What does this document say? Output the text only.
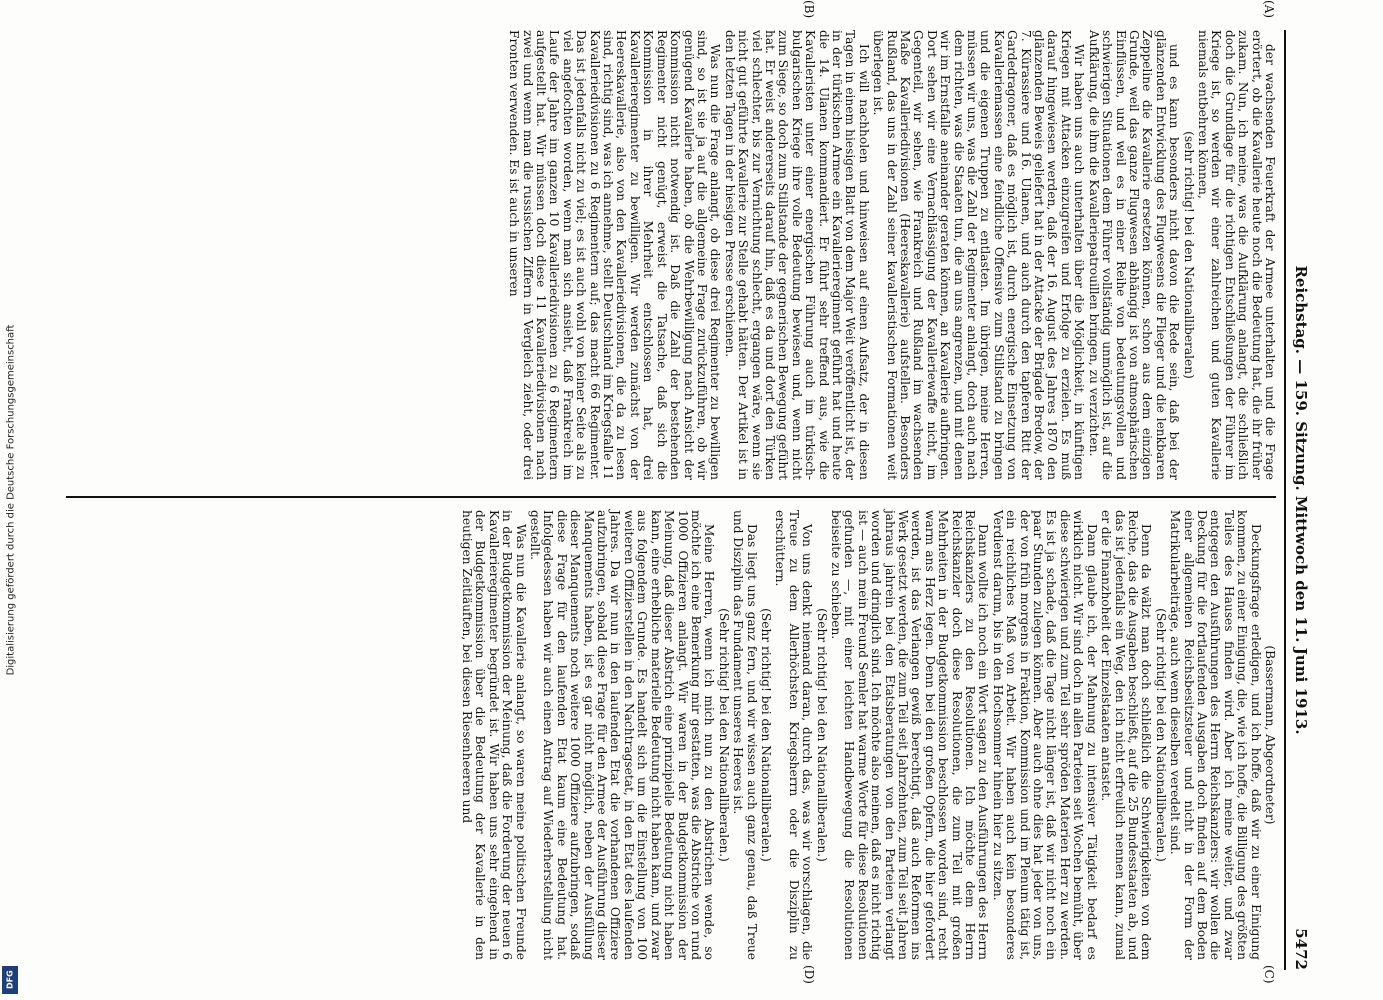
5472
Reichstag. — 159. Sitzung. Mittwoch den 11. Juni 1913.
(A)
(B)
(C)
(D)

(Bassermann, Abgeordneter)

Deckungsfrage erledigen, und ich hoffe, daß wir zu einer Einigung kommen, zu einer Einigung, die, wie ich hoffe, die Billigung des größten Teiles des Hauses finden wird. Aber ich meine weiter, und zwar entgegen den Ausführungen des Herrn Reichskanzlers: wir wollen die Deckung für die fortlaufenden Ausgaben doch finden auf dem Boden einer allgemeinen Reichsbesitzsteuer und nicht in der Form der Matrikularbeiträge, auch wenn dieselben veredelt sind.

(Sehr richtig! bei den Nationalliberalen.)

Denn da wälzt man doch schließlich die Schwierigkeiten von dem Reiche, das die Ausgaben beschließt, auf die 25 Bundesstaaten ab, und das ist jedenfalls ein Weg, den ich nicht erfreulich nennen kann, zumal er die Finanzhoheit der Einzelstaaten antastet.

Dann glaube ich, der Mahnung zu intensiver Tätigkeit bedarf es wirklich nicht. Wir sind doch in allen Parteien seit Wochen bemüht, über diese schwierigen und zum Teil sehr spröden Materien Herr zu werden. Es ist ja schade, daß die Tage nicht länger ist, daß wir nicht noch ein paar Stunden zulegen können. Aber auch ohne dies hat jeder von uns, der von früh morgens in Fraktion, Kommission und im Plenum tätig ist, ein reichliches Maß von Arbeit. Wir haben auch kein besonderes Verdienst darum, bis in den Hochsommer hinein hier zu sitzen.

Dann wollte ich noch ein Wort sagen zu den Ausführungen des Herrn Reichskanzlers zu den Resolutionen. Ich möchte dem Herrn Reichskanzler doch diese Resolutionen, die zum Teil mit großen Mehrheiten in der Budgetkommission beschlossen worden sind, recht warm ans Herz legen. Denn bei den großen Opfern, die hier gefordert werden, ist das Verlangen gewiß berechtigt, daß auch Reformen ins Werk gesetzt werden, die zum Teil seit Jahrzehnten, zum Teil seit Jahren jahraus jahrein bei den Etatsberatungen von den Parteien verlangt worden und dringlich sind. Ich möchte also meinen, daß es nicht richtig ist — auch mein Freund Semler hat warme Worte für diese Resolutionen gefunden —, mit einer leichten Handbewegung die Resolutionen beiseite zu schieben.

(Sehr richtig! bei den Nationalliberalen.)

Von uns denkt niemand daran, durch das, was wir vorschlagen, die Treue zu dem Allerhöchsten Kriegsherrn oder die Disziplin zu erschüttern.

(Sehr richtig! bei den Nationalliberalen.)

Das liegt uns ganz fern, und wir wissen auch ganz genau, daß Treue und Disziplin das Fundament unseres Heeres ist.

(Sehr richtig! bei den Nationalliberalen.)

Meine Herren, wenn ich mich nun zu den Abstrichen wende, so möchte ich eine Bemerkung mir gestatten, was die Abstriche von rund 1000 Offizieren anlangt. Wir waren in der Budgetkommission der Meinung, daß dieser Abstrich eine prinzipielle Bedeutung nicht haben kann, eine erhebliche materielle Bedeutung nicht haben kann, und zwar aus folgendem Grunde. Es handelt sich um die Einstellung von 100 weiteren Offizierstellen in den Nachtragsetat, in den Etat des laufenden Jahres. Da wir nun in den laufenden Etat die vorhandenen Offiziere aufzubringen, sobald diese Frage für den Armee der Ausführung dieser Manquements haben, ist es gar nicht möglich, neben der Ausfüllung dieser Manquements noch weitere 1000 Offiziere aufzubringen, sodaß diese Frage für den laufenden Etat kaum eine Bedeutung hat. Infolgedessen haben wir auch einen Antrag auf Wiederherstellung nicht gestellt.

Was nun die Kavallerie anlangt, so waren meine politischen Freunde in der Budgetkommission der Meinung, daß die Forderung der neuen 6 Kavallerieregimenter begründet ist. Wir haben uns sehr eingehend in der Budgetkommission über die Bedeutung der Kavallerie in den heutigen Zeitläuften, bei diesen Riesenheeren und

der wachsenden Feuerkraft der Armee unterhalten und die Frage erörtert, ob die Kavallerie heute noch die Bedeutung hat, die ihr früher zukam. Nun, ich meine, was die Aufklärung anlangt, die schließlich doch die Grundlage für die richtigen Entschließungen der Führer im Kriege ist, so werden wir einer zahlreichen und guten Kavallerie niemals entbehren können,

(sehr richtig! bei den Nationalliberalen)

und es kann besonders nicht davon die Rede sein, daß bei der glänzenden Entwicklung des Flugwesens die Flieger und die lenkbaren Zeppeline die Kavallerie ersetzen können, schon aus dem einzigen Grunde, weil das ganze Flugwesen abhängig ist von atmosphärischen Einflüssen, und weil es in einer Reihe von bedeutungsvollen und schwierigen Situationen dem Führer vollständig unmöglich ist, auf die Aufklärung, die ihm die Kavalleriepatrouillen bringen, zu verzichten.

Wir haben uns auch unterhalten über die Möglichkeit, in künftigen Kriegen mit Attacken einzugreifen und Erfolge zu erzielen. Es muß darauf hingewiesen werden, daß der 16. August des Jahres 1870 den glänzenden Beweis geliefert hat in der Attacke der Brigade Bredow, der 7. Kürassiere und 16. Ulanen, und auch durch den tapferen Ritt der Gardedragoner, daß es möglich ist, durch energische Einsetzung von Kavalleriemassen eine feindliche Offensive zum Stillstand zu bringen und die eigenen Truppen zu entlasten. Im übrigen, meine Herren, müssen wir uns, was die Zahl der Regimenter anlangt, doch auch nach dem richten, was die Staaten tun, die an uns angrenzen, und mit denen wir im Ernstfalle aneinander geraten können, an Kavallerie aufbringen. Dort sehen wir eine Vernachlässigung der Kavalleriewaffe nicht, im Gegenteil, wir sehen, wie Frankreich und Rußland im wachsenden Maße Kavalleriedivisionen (Heereskavallerie) aufstellen. Besonders Rußland, das uns in der Zahl seiner kavalleristischen Formationen weit überlegen ist.

Ich will nachholen und hinweisen auf einen Aufsatz, der in diesen Tagen in einem hiesigen Blatt von dem Major Weit veröffentlicht ist, der in der türkischen Armee ein Kavallerieregiment geführt hat und heute die 14. Ulanen kommandiert. Er führt sehr treffend aus, wie die Kavalleristen unter einer energischen Führung auch im türkisch-bulgarischen Kriege ihre volle Bedeutung bewiesen und, wenn nicht zum Siege, so doch zum Stillstande der gegnerischen Bewegung geführt hat. Er weist andererseits darauf hin, daß es da und dort den Türken viel schlechter, bis zur Vernichtung schlecht, ergangen wäre, wenn sie nicht gut geführte Kavallerie zur Stelle gehabt hätten. Der Artikel ist in den letzten Tagen in der hiesigen Presse erschienen.

Was nun die Frage anlangt, ob diese drei Regimenter zu bewilligen sind, so ist sie ja auf die allgemeine Frage zurückzuführen, ob wir genügend Kavallerie haben, ob die Wehrbewilligung nach Ansicht der Kommission nicht notwendig ist. Daß die Zahl der bestehenden Regimenter nicht genügt, erweist die Tatsache, daß sich die Kommission in ihrer Mehrheit entschlossen hat, drei Kavallerieregimenter zu bewilligen. Wir werden zunächst von der Heereskavallerie, also von den Kavalleriedivisionen, die da zu lesen sind, richtig sind, was ich annehme, stellt Deutschland im Kriegsfalle 11 Kavalleriedivisionen zu 6 Regimentern auf; das macht 66 Regimenter. Das ist jedenfalls nicht zu viel; es ist auch wohl von keiner Seite als zu viel angefochten worden, wenn man sich ansieht, daß Frankreich im Laufe der Jahre im ganzen 10 Kavalleriedivisionen zu 6 Regimentern aufgestellt hat. Wir müssen doch diese 11 Kavalleriedivisionen nach zwei und wenn man die russischen Ziffern in Vergleich zieht, oder drei Fronten verwenden. Es ist auch in unseren

Digitalisierung gefördert durch die Deutsche Forschungsgemeinschaft
DFG
